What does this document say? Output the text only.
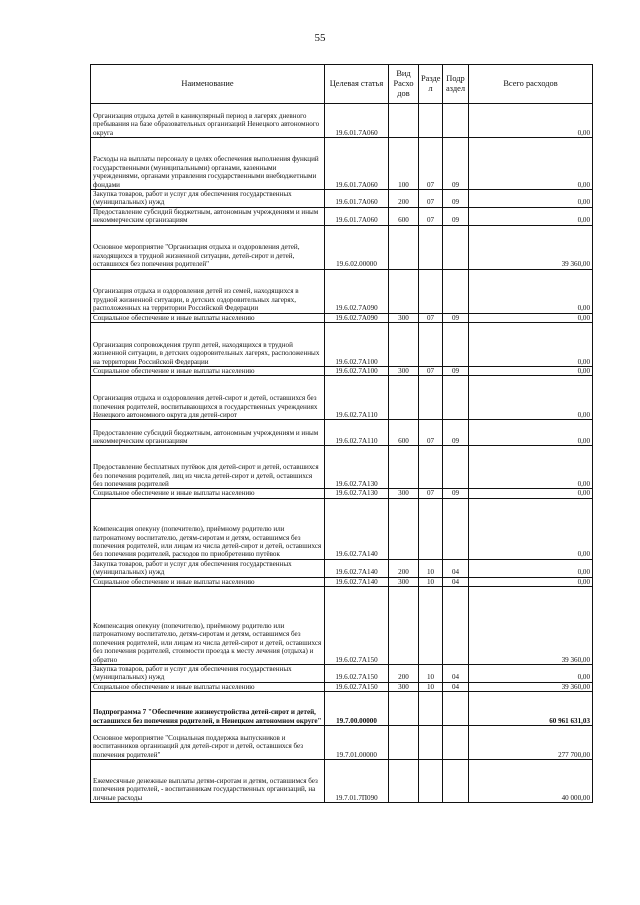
55
Наименование	Целевая статья	Вид Расхо дов	Разде л	Подр аздел	Всего расходов
Организация отдыха детей в каникулярный период в лагерях дневного пребывания на базе образовательных организаций Ненецкого автономного округа	19.6.01.7А060				0,00
Расходы на выплаты персоналу в целях обеспечения выполнения функций государственными (муниципальными) органами, казенными учреждениями, органами управления государственными внебюджетными фондами	19.6.01.7А060	100	07	09	0,00
Закупка товаров, работ и услуг для обеспечения государственных (муниципальных) нужд	19.6.01.7А060	200	07	09	0,00
Предоставление субсидий бюджетным, автономным учреждениям и иным некоммерческим организациям	19.6.01.7А060	600	07	09	0,00
Основное мероприятие "Организация отдыха и оздоровления детей, находящихся в трудной жизненной ситуации, детей-сирот и детей, оставшихся без попечения родителей"	19.6.02.00000				39 360,00
Организация отдыха и оздоровления детей из семей, находящихся в трудной жизненной ситуации, в детских оздоровительных лагерях, расположенных на территории Российской Федерации	19.6.02.7А090				0,00
Социальное обеспечение и иные выплаты населению	19.6.02.7А090	300	07	09	0,00
Организация сопровождения групп детей, находящихся в трудной жизненной ситуации, в детских оздоровительных лагерях, расположенных на территории Российской Федерации	19.6.02.7А100				0,00
Социальное обеспечение и иные выплаты населению	19.6.02.7А100	300	07	09	0,00
Организация отдыха и оздоровления детей-сирот и детей, оставшихся без попечения родителей, воспитывающихся в государственных учреждениях Ненецкого автономного округа для детей-сирот	19.6.02.7А110				0,00
Предоставление субсидий бюджетным, автономным учреждениям и иным некоммерческим организациям	19.6.02.7А110	600	07	09	0,00
Предоставление бесплатных путёвок для детей-сирот и детей, оставшихся без попечения родителей, лиц из числа детей-сирот и детей, оставшихся без попечения родителей	19.6.02.7А130				0,00
Социальное обеспечение и иные выплаты населению	19.6.02.7А130	300	07	09	0,00
Компенсация опекуну (попечителю), приёмному родителю или патронатному воспитателю, детям-сиротам и детям, оставшимся без попечения родителей, или лицам из числа детей-сирот и детей, оставшихся без попечения родителей, расходов по приобретению путёвок	19.6.02.7А140				0,00
Закупка товаров, работ и услуг для обеспечения государственных (муниципальных) нужд	19.6.02.7А140	200	10	04	0,00
Социальное обеспечение и иные выплаты населению	19.6.02.7А140	300	10	04	0,00
Компенсация опекуну (попечителю), приёмному родителю или патронатному воспитателю, детям-сиротам и детям, оставшимся без попечения родителей, или лицам из числа детей-сирот и детей, оставшихся без попечения родителей, стоимости проезда к месту лечения (отдыха) и обратно	19.6.02.7А150				39 360,00
Закупка товаров, работ и услуг для обеспечения государственных (муниципальных) нужд	19.6.02.7А150	200	10	04	0,00
Социальное обеспечение и иные выплаты населению	19.6.02.7А150	300	10	04	39 360,00
Подпрограмма 7 "Обеспечение жизнеустройства детей-сирот и детей, оставшихся без попечения родителей, в Ненецком автономном округе"	19.7.00.00000				60 961 631,03
Основное мероприятие "Социальная поддержка выпускников и воспитанников организаций для детей-сирот и детей, оставшихся без попечения родителей"	19.7.01.00000				277 700,00
Ежемесячные денежные выплаты детям-сиротам и детям, оставшимся без попечения родителей, - воспитанникам государственных организаций, на личные расходы	19.7.01.7П090				40 000,00
